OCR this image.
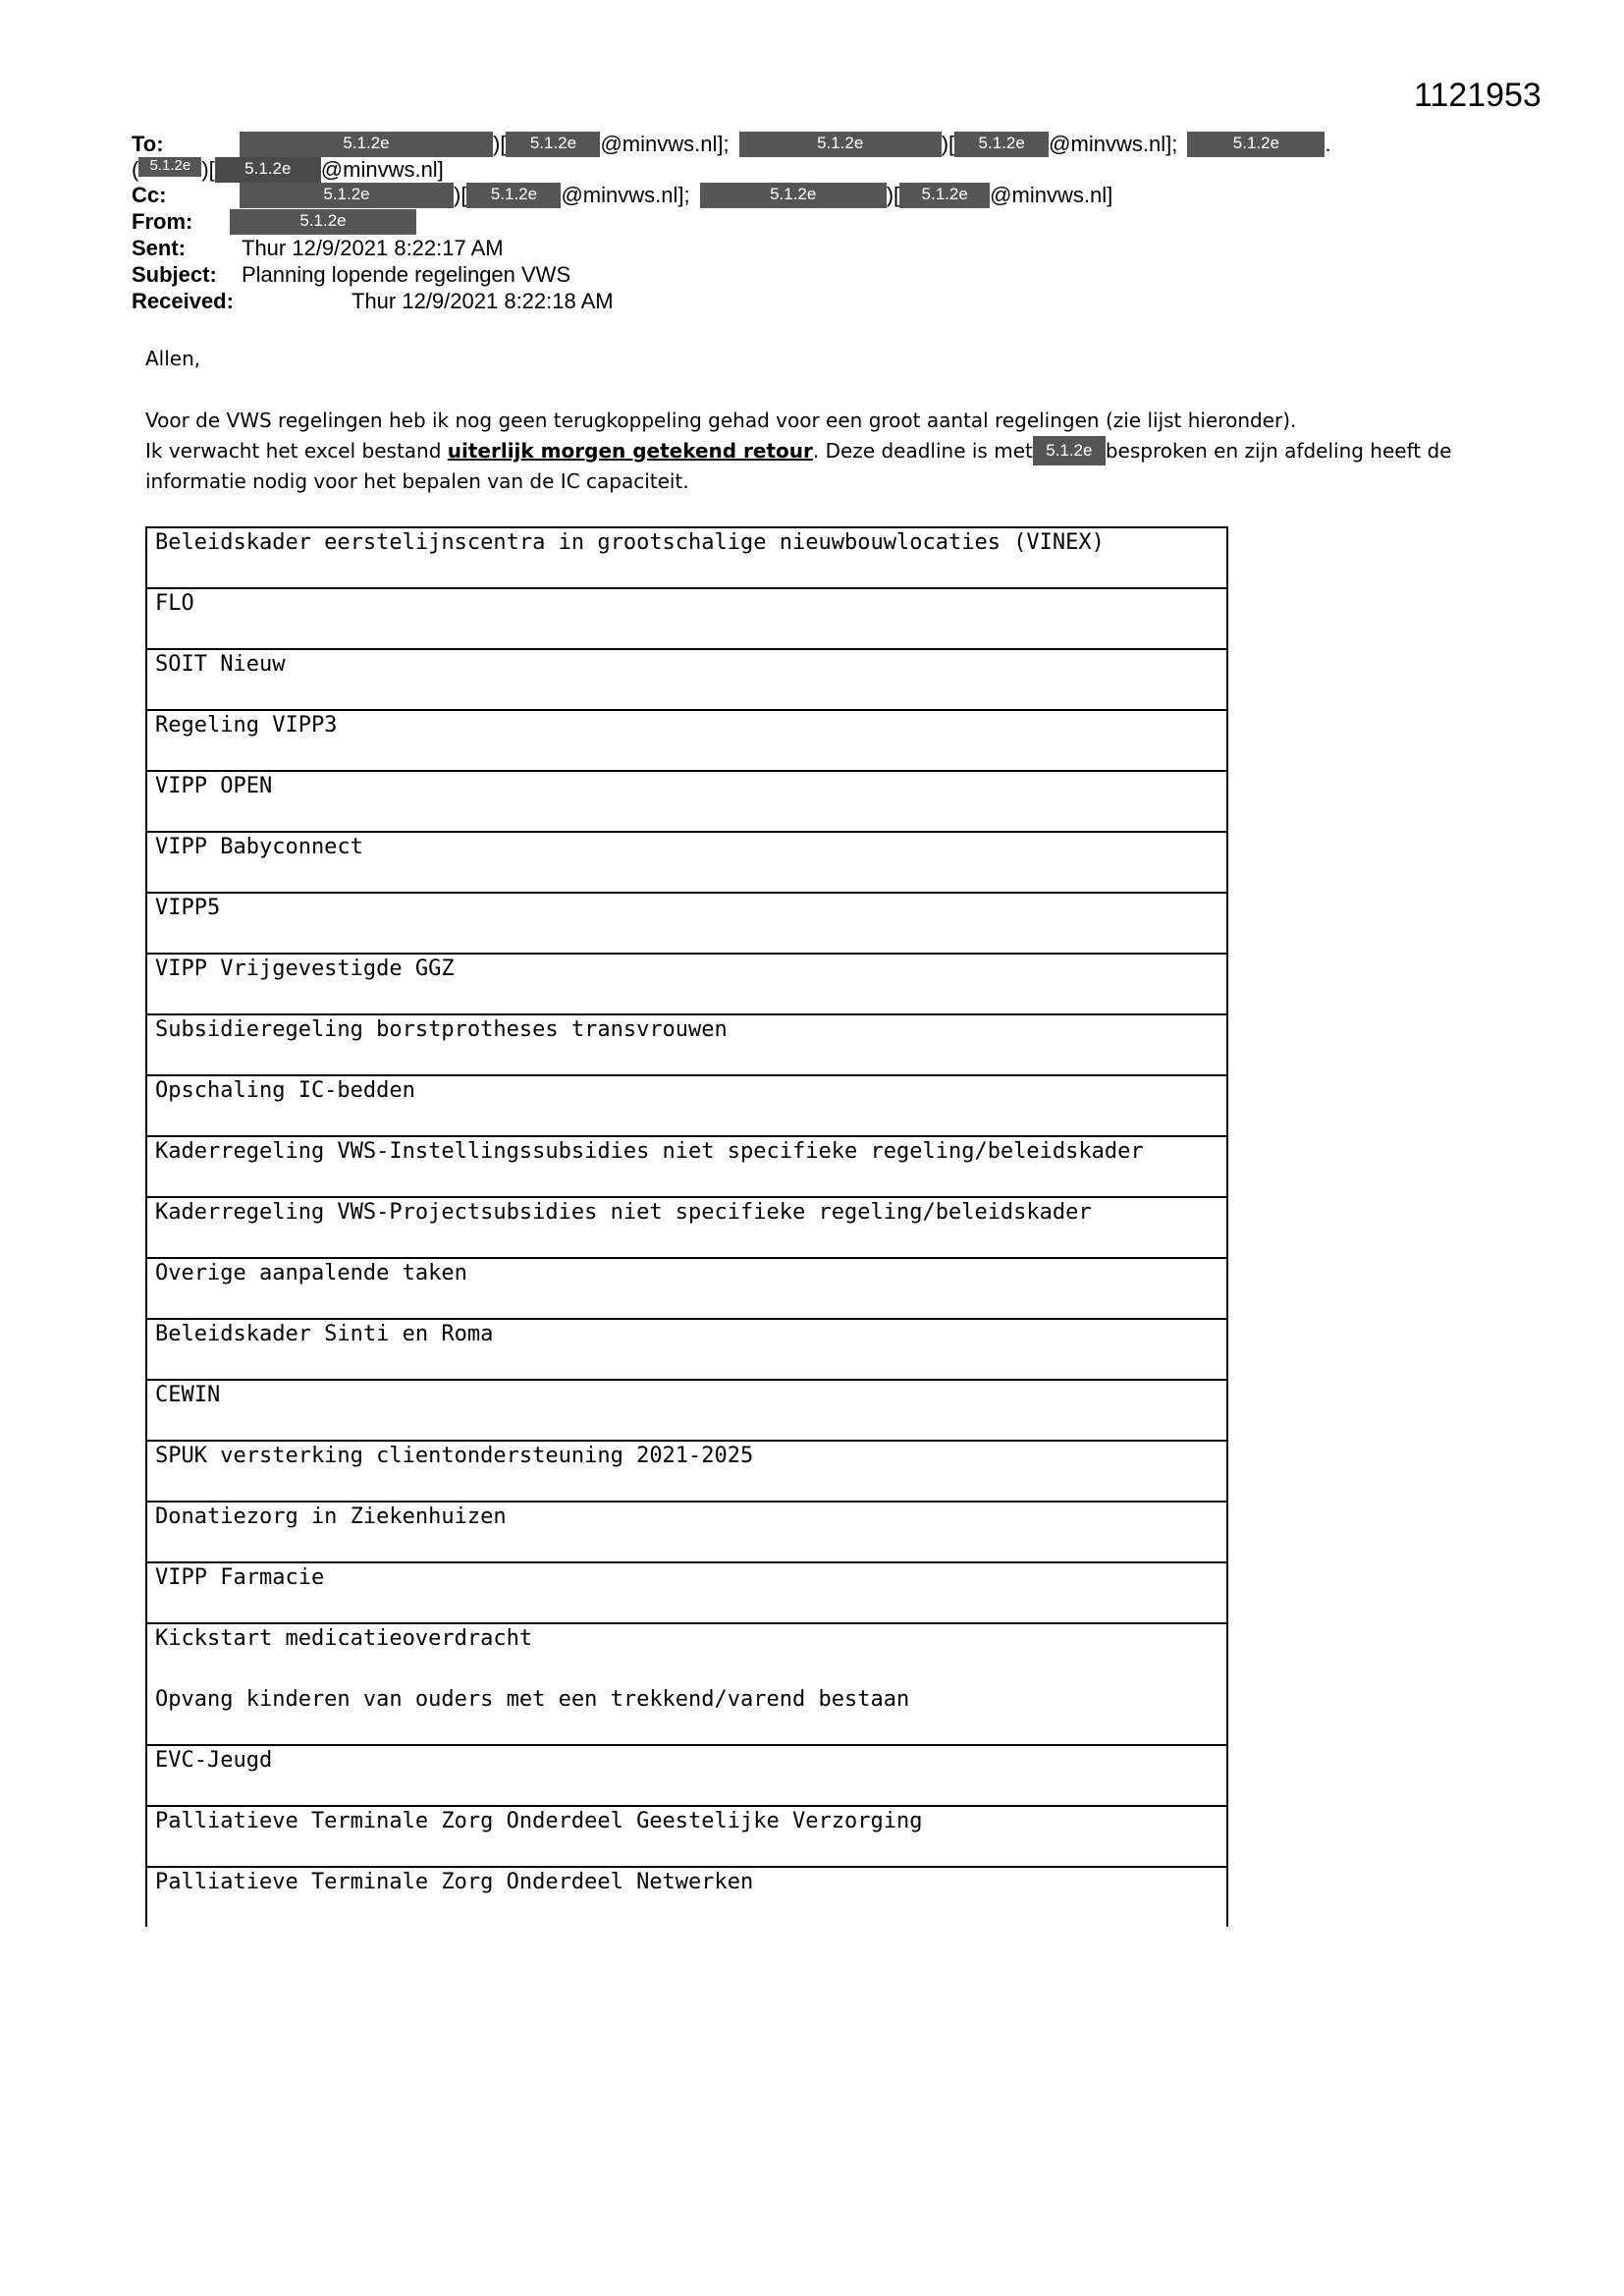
1121953
To:	5.1.2e	)[ 5.1.2e @minvws.nl];	5.1.2e	)[ 5.1.2e @minvws.nl];	5.1.2e .
( 5.1.2e )[ 5.1.2e @minvws.nl]
Cc:	5.1.2e	)[ 5.1.2e @minvws.nl];	5.1.2e	)[ 5.1.2e @minvws.nl]
From:	5.1.2e
Sent:	Thur 12/9/2021 8:22:17 AM
Subject: Planning lopende regelingen VWS
Received:	Thur 12/9/2021 8:22:18 AM
Allen,
Voor de VWS regelingen heb ik nog geen terugkoppeling gehad voor een groot aantal regelingen (zie lijst hieronder).
Ik verwacht het excel bestand uiterlijk morgen getekend retour. Deze deadline is met 5.1.2e besproken en zijn afdeling heeft de
informatie nodig voor het bepalen van de IC capaciteit.
Beleidskader eerstelijnscentra in grootschalige nieuwbouwlocaties (VINEX)
FLO
SOIT Nieuw
Regeling VIPP3
VIPP OPEN
VIPP Babyconnect
VIPP5
VIPP Vrijgevestigde GGZ
Subsidieregeling borstprotheses transvrouwen
Opschaling IC-bedden
Kaderregeling VWS-Instellingssubsidies niet specifieke regeling/beleidskader
Kaderregeling VWS-Projectsubsidies niet specifieke regeling/beleidskader
Overige aanpalende taken
Beleidskader Sinti en Roma
CEWIN
SPUK versterking clientondersteuning 2021-2025
Donatiezorg in Ziekenhuizen
VIPP Farmacie
Kickstart medicatieoverdracht
Opvang kinderen van ouders met een trekkend/varend bestaan
EVC-Jeugd
Palliatieve Terminale Zorg Onderdeel Geestelijke Verzorging
Palliatieve Terminale Zorg Onderdeel Netwerken
